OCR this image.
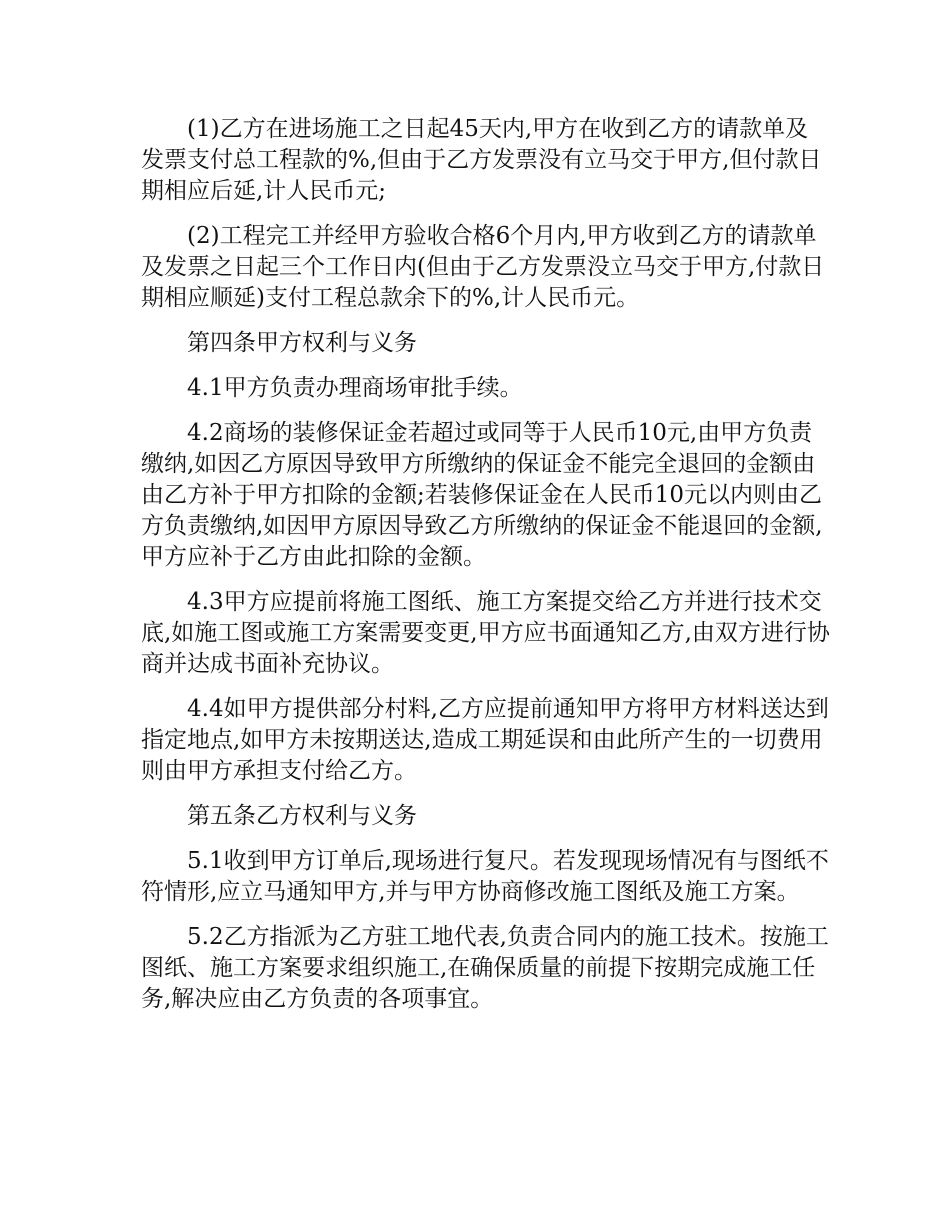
(1)乙方在进场施工之日起45天内,甲方在收到乙方的请款单及发票支付总工程款的%,但由于乙方发票没有立马交于甲方,但付款日期相应后延,计人民币元;

(2)工程完工并经甲方验收合格6个月内,甲方收到乙方的请款单及发票之日起三个工作日内(但由于乙方发票没立马交于甲方,付款日期相应顺延)支付工程总款余下的%,计人民币元。

第四条甲方权利与义务

4.1甲方负责办理商场审批手续。

4.2商场的装修保证金若超过或同等于人民币10元,由甲方负责缴纳,如因乙方原因导致甲方所缴纳的保证金不能完全退回的金额由由乙方补于甲方扣除的金额;若装修保证金在人民币10元以内则由乙方负责缴纳,如因甲方原因导致乙方所缴纳的保证金不能退回的金额,甲方应补于乙方由此扣除的金额。

4.3甲方应提前将施工图纸、施工方案提交给乙方并进行技术交底,如施工图或施工方案需要变更,甲方应书面通知乙方,由双方进行协商并达成书面补充协议。

4.4如甲方提供部分村料,乙方应提前通知甲方将甲方材料送达到指定地点,如甲方未按期送达,造成工期延误和由此所产生的一切费用则由甲方承担支付给乙方。

第五条乙方权利与义务

5.1收到甲方订单后,现场进行复尺。若发现现场情况有与图纸不符情形,应立马通知甲方,并与甲方协商修改施工图纸及施工方案。

5.2乙方指派为乙方驻工地代表,负责合同内的施工技术。按施工图纸、施工方案要求组织施工,在确保质量的前提下按期完成施工任务,解决应由乙方负责的各项事宜。
